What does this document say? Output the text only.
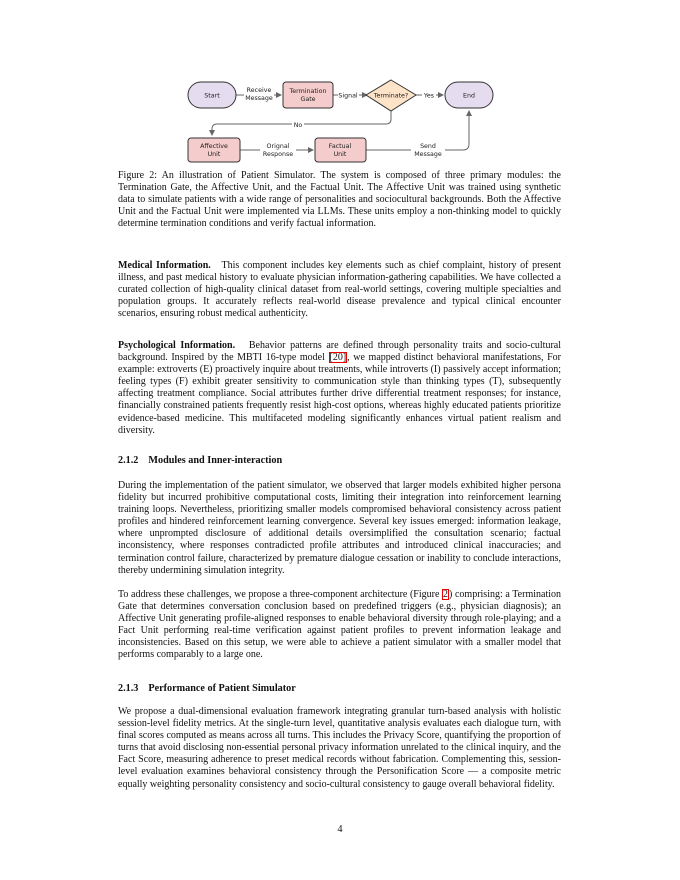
Start
Termination
Gate	Terminate?	End
Affective
Unit
Factual
Unit
Receive
Message	Signal	Yes
No
Orignal
Response
Send
Message

Figure 2: An illustration of Patient Simulator. The system is composed of three primary modules: the Termination Gate, the Affective Unit, and the Factual Unit. The Affective Unit was trained using synthetic data to simulate patients with a wide range of personalities and sociocultural backgrounds. Both the Affective Unit and the Factual Unit were implemented via LLMs. These units employ a non-thinking model to quickly determine termination conditions and verify factual information.

Medical Information. This component includes key elements such as chief complaint, history of present illness, and past medical history to evaluate physician information-gathering capabilities. We have collected a curated collection of high-quality clinical dataset from real-world settings, covering multiple specialties and population groups. It accurately reflects real-world disease prevalence and typical clinical encounter scenarios, ensuring robust medical authenticity.

Psychological Information. Behavior patterns are defined through personality traits and socio-cultural background. Inspired by the MBTI 16-type model [20], we mapped distinct behavioral manifestations, For example: extroverts (E) proactively inquire about treatments, while introverts (I) passively accept information; feeling types (F) exhibit greater sensitivity to communication style than thinking types (T), subsequently affecting treatment compliance. Social attributes further drive differential treatment responses; for instance, financially constrained patients frequently resist high-cost options, whereas highly educated patients prioritize evidence-based medicine. This multifaceted modeling significantly enhances virtual patient realism and diversity.

2.1.2 Modules and Inner-interaction

During the implementation of the patient simulator, we observed that larger models exhibited higher persona fidelity but incurred prohibitive computational costs, limiting their integration into reinforcement learning training loops. Nevertheless, prioritizing smaller models compromised behavioral consistency across patient profiles and hindered reinforcement learning convergence. Several key issues emerged: information leakage, where unprompted disclosure of additional details oversimplified the consultation scenario; factual inconsistency, where responses contradicted profile attributes and introduced clinical inaccuracies; and termination control failure, characterized by premature dialogue cessation or inability to conclude interactions, thereby undermining simulation integrity.

To address these challenges, we propose a three-component architecture (Figure 2) comprising: a Termination Gate that determines conversation conclusion based on predefined triggers (e.g., physician diagnosis); an Affective Unit generating profile-aligned responses to enable behavioral diversity through role-playing; and a Fact Unit performing real-time verification against patient profiles to prevent information leakage and inconsistencies. Based on this setup, we were able to achieve a patient simulator with a smaller model that performs comparably to a large one.

2.1.3 Performance of Patient Simulator

We propose a dual-dimensional evaluation framework integrating granular turn-based analysis with holistic session-level fidelity metrics. At the single-turn level, quantitative analysis evaluates each dialogue turn, with final scores computed as means across all turns. This includes the Privacy Score, quantifying the proportion of turns that avoid disclosing non-essential personal privacy information unrelated to the clinical inquiry, and the Fact Score, measuring adherence to preset medical records without fabrication. Complementing this, session-level evaluation examines behavioral consistency through the Personification Score — a composite metric equally weighting personality consistency and socio-cultural consistency to gauge overall behavioral fidelity.

4
